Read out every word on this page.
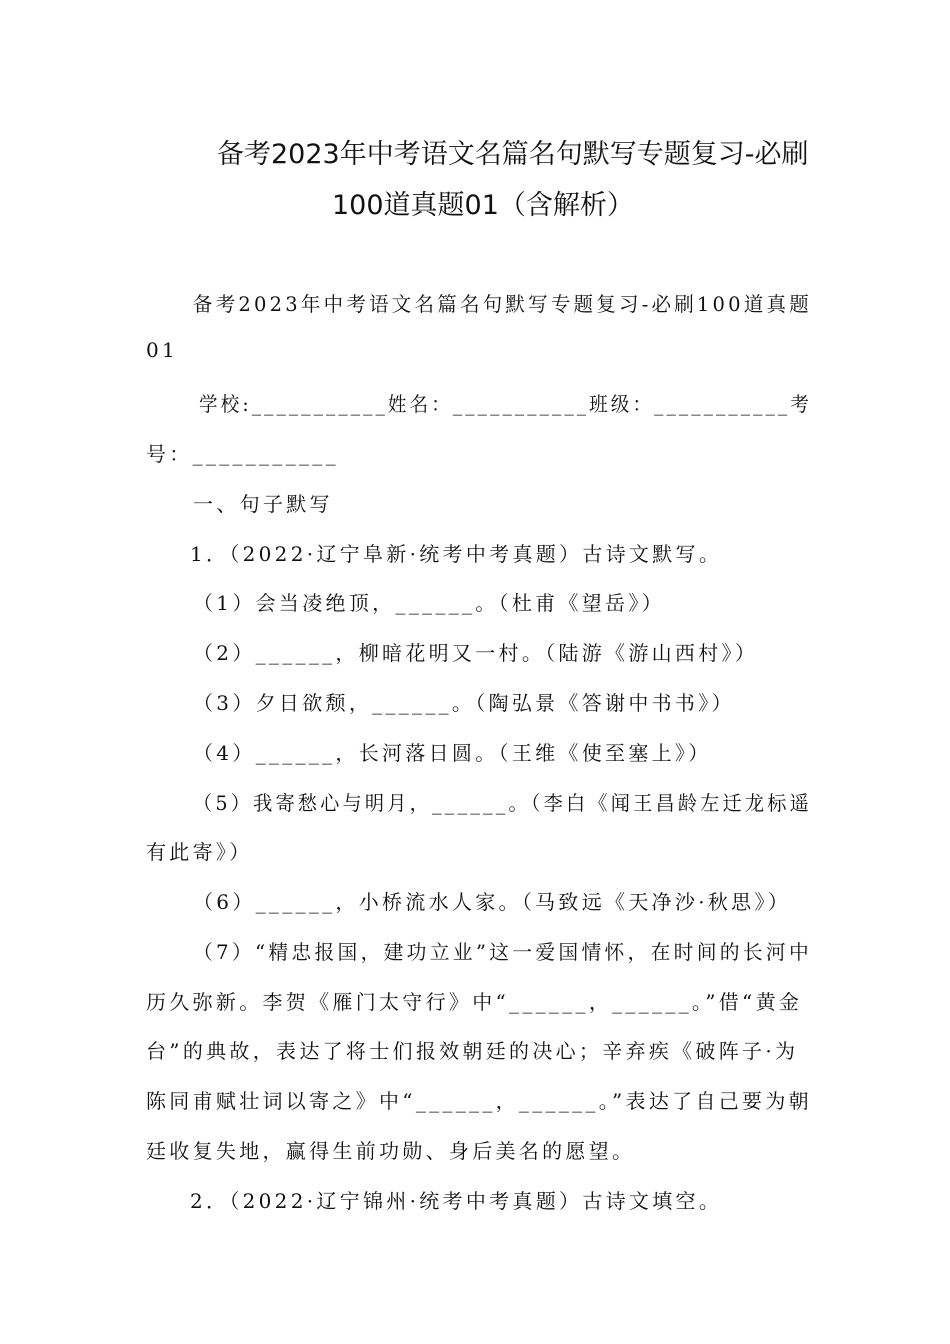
备考2023年中考语文名篇名句默写专题复习-必刷
100道真题01（含解析）
备考2023年中考语文名篇名句默写专题复习-必刷100道真题
01
学校:___________姓名：___________班级：___________考
号：___________
一、句子默写
1．（2022·辽宁阜新·统考中考真题）古诗文默写。
（1）会当凌绝顶，______。（杜甫《望岳》）
（2）______，柳暗花明又一村。（陆游《游山西村》）
（3）夕日欲颓，______。（陶弘景《答谢中书书》）
（4）______，长河落日圆。（王维《使至塞上》）
（5）我寄愁心与明月，______。（李白《闻王昌龄左迁龙标遥
有此寄》）
（6）______，小桥流水人家。（马致远《天净沙·秋思》）
（7）“精忠报国，建功立业”这一爱国情怀，在时间的长河中
历久弥新。李贺《雁门太守行》中“______，______。”借“黄金
台”的典故，表达了将士们报效朝廷的决心；辛弃疾《破阵子·为
陈同甫赋壮词以寄之》中“______，______。”表达了自己要为朝
廷收复失地，赢得生前功勋、身后美名的愿望。
2．（2022·辽宁锦州·统考中考真题）古诗文填空。
